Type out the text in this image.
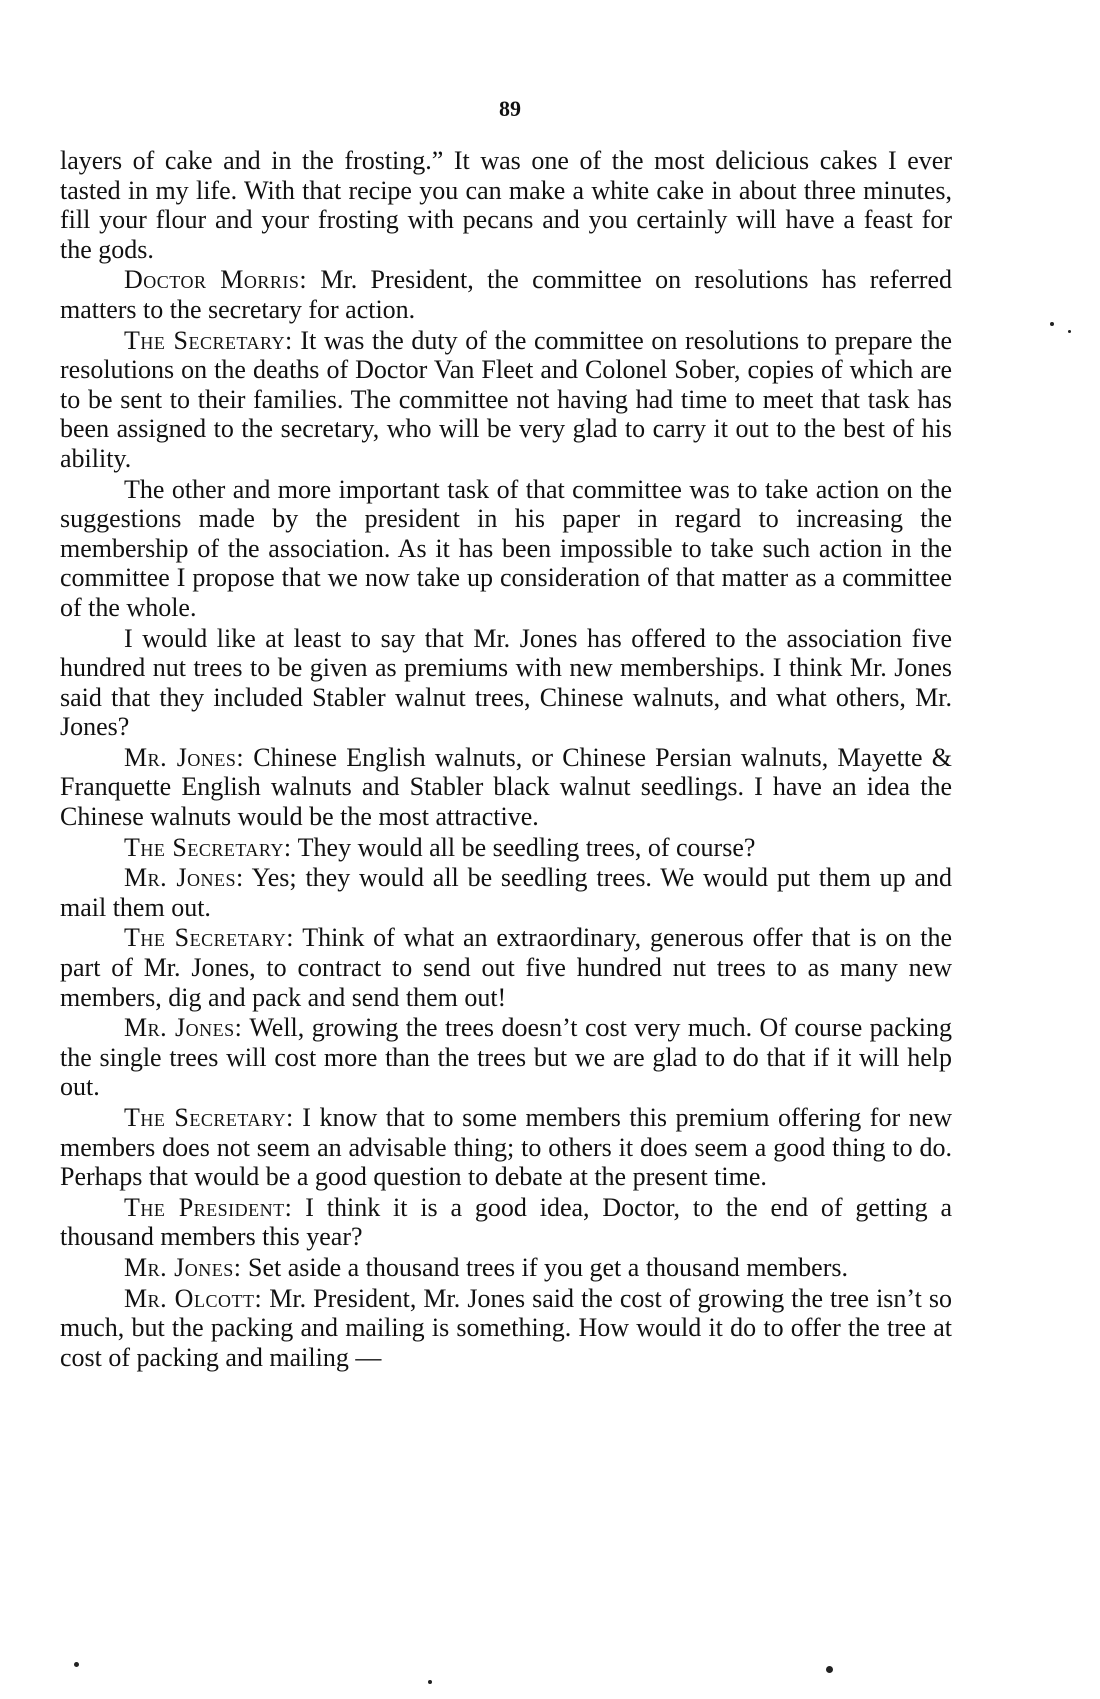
89

layers of cake and in the frosting.” It was one of the most delicious cakes I ever tasted in my life. With that recipe you can make a white cake in about three minutes, fill your flour and your frosting with pecans and you certainly will have a feast for the gods.

Doctor Morris: Mr. President, the committee on resolutions has referred matters to the secretary for action.

The Secretary: It was the duty of the committee on resolutions to prepare the resolutions on the deaths of Doctor Van Fleet and Colonel Sober, copies of which are to be sent to their families. The committee not having had time to meet that task has been assigned to the secretary, who will be very glad to carry it out to the best of his ability.

The other and more important task of that committee was to take action on the suggestions made by the president in his paper in regard to increasing the membership of the association. As it has been impossible to take such action in the committee I propose that we now take up consideration of that matter as a committee of the whole.

I would like at least to say that Mr. Jones has offered to the association five hundred nut trees to be given as premiums with new memberships. I think Mr. Jones said that they included Stabler walnut trees, Chinese walnuts, and what others, Mr. Jones?

Mr. Jones: Chinese English walnuts, or Chinese Persian walnuts, Mayette & Franquette English walnuts and Stabler black walnut seedlings. I have an idea the Chinese walnuts would be the most attractive.

The Secretary: They would all be seedling trees, of course?

Mr. Jones: Yes; they would all be seedling trees. We would put them up and mail them out.

The Secretary: Think of what an extraordinary, generous offer that is on the part of Mr. Jones, to contract to send out five hundred nut trees to as many new members, dig and pack and send them out!

Mr. Jones: Well, growing the trees doesn’t cost very much. Of course packing the single trees will cost more than the trees but we are glad to do that if it will help out.

The Secretary: I know that to some members this premium offering for new members does not seem an advisable thing; to others it does seem a good thing to do. Perhaps that would be a good question to debate at the present time.

The President: I think it is a good idea, Doctor, to the end of getting a thousand members this year?

Mr. Jones: Set aside a thousand trees if you get a thousand members.

Mr. Olcott: Mr. President, Mr. Jones said the cost of growing the tree isn’t so much, but the packing and mailing is something. How would it do to offer the tree at cost of packing and mailing —
